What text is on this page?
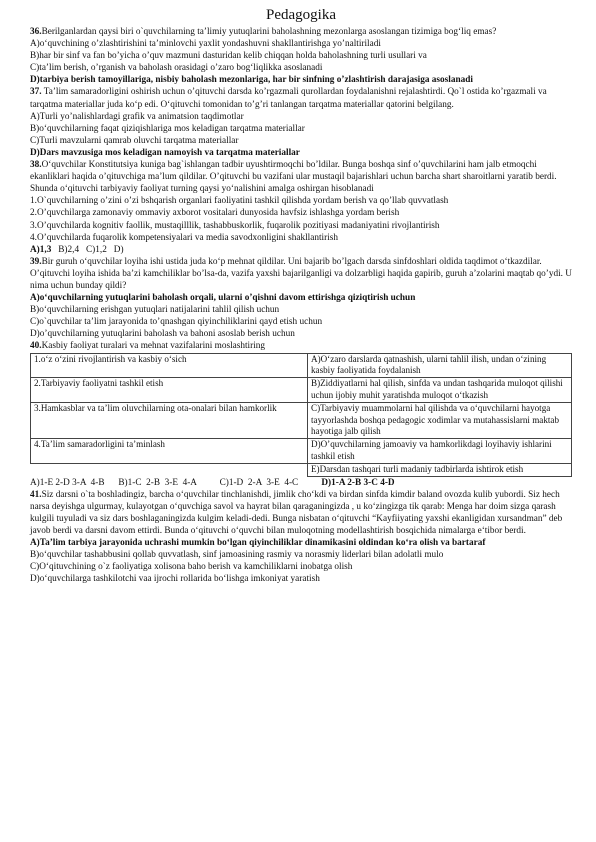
Pedagogika

36.Berilganlardan qaysi biri o`quvchilarning ta’limiy yutuqlarini baholashning mezonlarga asoslangan tizimiga bog‘liq emas?

A)o‘quvchining o’zlashtirishini ta’minlovchi yaxlit yondashuvni shakllantirishga yo’naltiriladi

B)har bir sinf va fan bo’yicha o’quv mazmuni dasturidan kelib chiqqan holda baholashning turli usullari va

C)ta’lim berish, o’rganish va baholash orasidagi o’zaro bog‘liqlikka asoslanadi

D)tarbiya berish tamoyillariga, nisbiy baholash mezonlariga, har bir sinfning o’zlashtirish darajasiga asoslanadi

37. Ta’lim samaradorligini oshirish uchun o’qituvchi darsda ko’rgazmali qurollardan foydalanishni rejalashtirdi. Qo`l ostida ko’rgazmali va tarqatma materiallar juda ko‘p edi. O‘qituvchi tomonidan to’g’ri tanlangan tarqatma materiallar qatorini belgilang.

A)Turli yo’nalishlardagi grafik va animatsion taqdimotlar

B)o‘quvchilarning faqat qiziqishlariga mos keladigan tarqatma materiallar

C)Turli mavzularni qamrab oluvchi tarqatma materiallar

D)Dars mavzusiga mos keladigan namoyish va tarqatma materiallar

38.O‘quvchilar Konstitutsiya kuniga bag`ishlangan tadbir uyushtirmoqchi bo’ldilar. Bunga boshqa sinf o’quvchilarini ham jalb etmoqchi ekanliklari haqida o’qituvchiga ma’lum qildilar. O’qituvchi bu vazifani ular mustaqil bajarishlari uchun barcha shart sharoitlarni yaratib berdi. Shunda o‘qituvchi tarbiyaviy faoliyat turning qaysi yo‘nalishini amalga oshirgan hisoblanadi

1.O`quvchilarning o’zini o’zi bshqarish organlari faoliyatini tashkil qilishda yordam berish va qo’llab quvvatlash

2.O’quvchilarga zamonaviy ommaviy axborot vositalari dunyosida havfsiz ishlashga yordam berish

3.O’quvchilarda kognitiv faollik, mustaqilllik, tashabbuskorlik, fuqarolik pozitiyasi madaniyatini rivojlantirish

4.O’quvchilarda fuqarolik kompetensiyalari va media savodxonligini shakllantirish

A)1,3   B)2,4   C)1,2   D)

39.Bir guruh o‘quvchilar loyiha ishi ustida juda ko‘p mehnat qildilar. Uni bajarib bo’lgach darsda sinfdoshlari oldida taqdimot o‘tkazdilar. O’qituvchi loyiha ishida ba’zi kamchiliklar bo’lsa-da, vazifa yaxshi bajarilganligi va dolzarbligi haqida gapirib, guruh a’zolarini maqtab qo’ydi. U nima uchun bunday qildi?

A)o‘quvchilarning yutuqlarini baholash orqali, ularni o’qishni davom ettirishga qiziqtirish uchun

B)o‘quvchilarning erishgan yutuqlari natijalarini tahlil qilish uchun

C)o`quvchilar ta’lim jarayonida to’qnashgan qiyinchiliklarini qayd etish uchun

D)o’quvchilarning yutuqlarini baholash va bahoni asoslab berish uchun

40.Kasbiy faoliyat turalari va mehnat vazifalarini moslashtiring

1.o‘z o‘zini rivojlantirish va kasbiy o‘sich	A)O‘zaro darslarda qatnashish, ularni tahlil ilish, undan o‘zining kasbiy faoliyatida foydalanish
2.Tarbiyaviy faoliyatni tashkil etish	B)Ziddiyatlarni hal qilish, sinfda va undan tashqarida muloqot qilishi uchun ijobiy muhit yaratishda muloqot o‘tkazish
3.Hamkasblar va ta’lim oluvchilarning ota-onalari bilan hamkorlik	C)Tarbiyaviy muammolarni hal qilishda va o‘quvchilarni hayotga tayyorlashda boshqa pedagogic xodimlar va mutahassislarni maktab hayotiga jalb qilish
4.Ta’lim samaradorligini ta’minlash	D)O’quvchilarning jamoaviy va hamkorlikdagi loyihaviy ishlarini tashkil etish
	E)Darsdan tashqari turli madaniy tadbirlarda ishtirok etish

A)1-E 2-D 3-A  4-B      B)1-C  2-B  3-E  4-A          C)1-D  2-A  3-E  4-C          D)1-A 2-B 3-C 4-D

41.Siz darsni o`ta boshladingiz, barcha o‘quvchilar tinchlanishdi, jimlik cho‘kdi va birdan sinfda kimdir baland ovozda kulib yubordi. Siz hech narsa deyishga ulgurmay, kulayotgan o‘quvchiga savol va hayrat bilan qaraganingizda , u ko‘zingizga tik qarab: Menga har doim sizga qarash kulgili tuyuladi va siz dars boshlaganingizda kulgim keladi-dedi. Bunga nisbatan o‘qituvchi “Kayfiiyating yaxshi ekanligidan xursandman” deb javob berdi va darsni davom ettirdi. Bunda o‘qituvchi o‘quvchi bilan muloqotning modellashtirish bosqichida nimalarga e‘tibor berdi.

A)Ta’lim tarbiya jarayonida uchrashi mumkin bo‘lgan qiyinchiliklar dinamikasini oldindan ko‘ra olish va bartaraf

B)o‘quvchilar tashabbusini qollab quvvatlash, sinf jamoasining rasmiy va norasmiy liderlari bilan adolatli mulo

C)O‘qituvchining o`z faoliyatiga xolisona baho berish va kamchiliklarni inobatga olish

D)o‘quvchilarga tashkilotchi vaa ijrochi rollarida bo‘lishga imkoniyat yaratish
